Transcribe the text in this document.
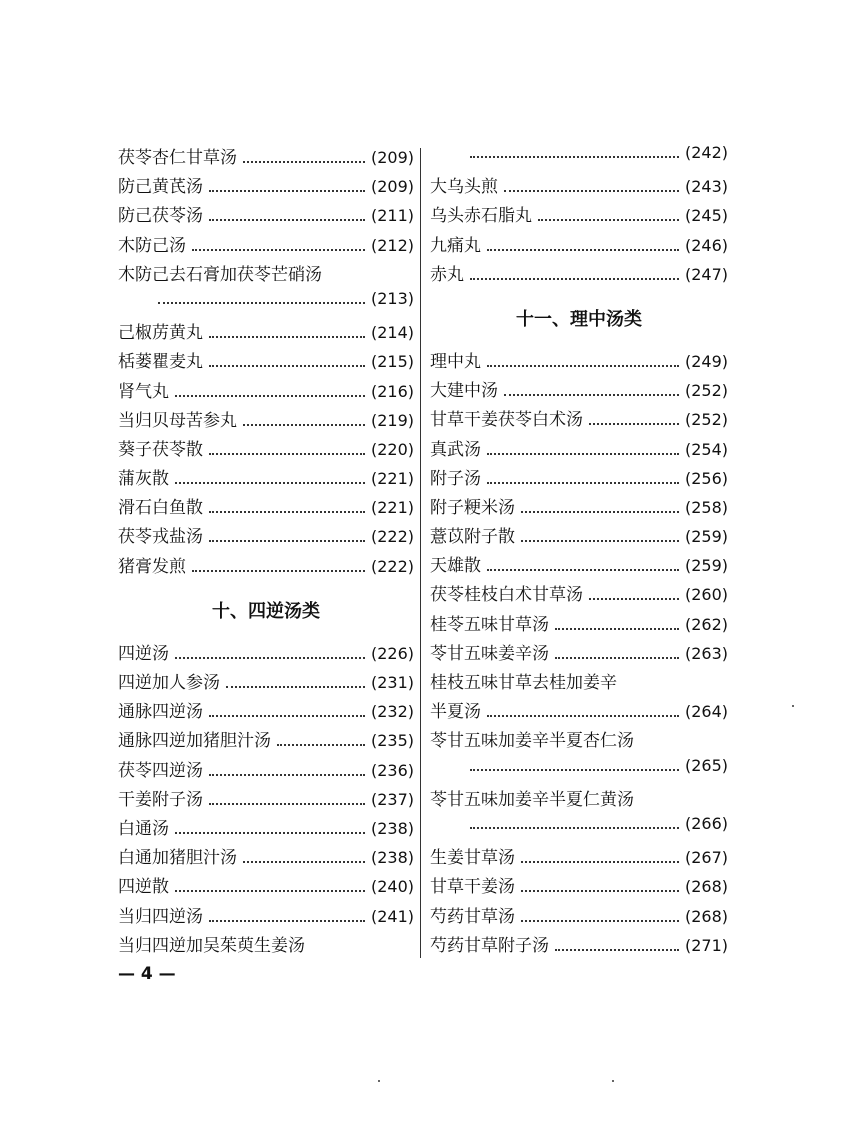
茯苓杏仁甘草汤	(209)
防己黄芪汤	(209)
防己茯苓汤	(211)
木防己汤	(212)
木防己去石膏加茯苓芒硝汤
(213)
己椒苈黄丸	(214)
栝蒌瞿麦丸	(215)
肾气丸	(216)
当归贝母苦参丸	(219)
葵子茯苓散	(220)
蒲灰散	(221)
滑石白鱼散	(221)
茯苓戎盐汤	(222)
猪膏发煎	(222)
十、四逆汤类
四逆汤	(226)
四逆加人参汤	(231)
通脉四逆汤	(232)
通脉四逆加猪胆汁汤	(235)
茯苓四逆汤	(236)
干姜附子汤	(237)
白通汤	(238)
白通加猪胆汁汤	(238)
四逆散	(240)
当归四逆汤	(241)
当归四逆加吴茱萸生姜汤
(242)
大乌头煎	(243)
乌头赤石脂丸	(245)
九痛丸	(246)
赤丸	(247)
十一、理中汤类
理中丸	(249)
大建中汤	(252)
甘草干姜茯苓白术汤	(252)
真武汤	(254)
附子汤	(256)
附子粳米汤	(258)
薏苡附子散	(259)
天雄散	(259)
茯苓桂枝白术甘草汤	(260)
桂苓五味甘草汤	(262)
苓甘五味姜辛汤	(263)
桂枝五味甘草去桂加姜辛
半夏汤	(264)
苓甘五味加姜辛半夏杏仁汤
(265)
苓甘五味加姜辛半夏仁黄汤
(266)
生姜甘草汤	(267)
甘草干姜汤	(268)
芍药甘草汤	(268)
芍药甘草附子汤	(271)
— 4 —
